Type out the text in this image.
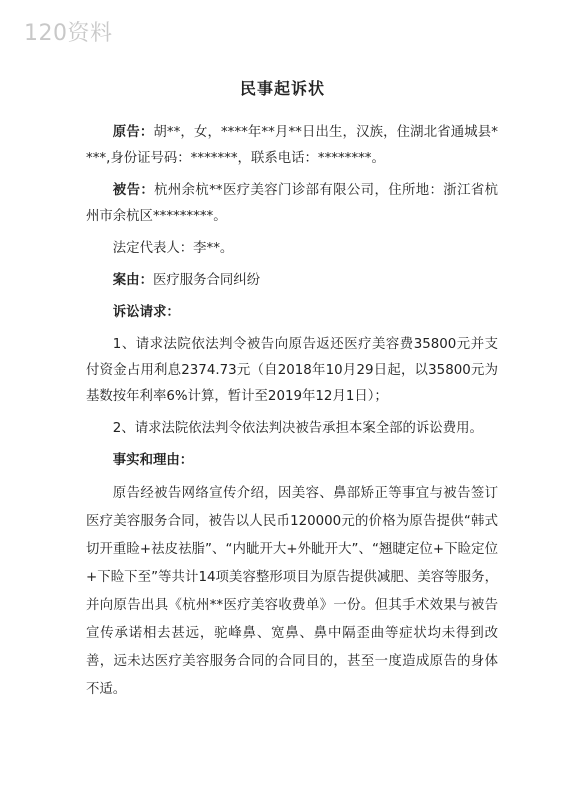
120资料
民事起诉状

原告：胡**，女，****年**月**日出生，汉族，住湖北省通城县****,身份证号码：*******，联系电话：********。

被告：杭州余杭**医疗美容门诊部有限公司，住所地：浙江省杭州市余杭区*********。

法定代表人：李**。

案由：医疗服务合同纠纷

诉讼请求：

1、请求法院依法判令被告向原告返还医疗美容费35800元并支付资金占用利息2374.73元（自2018年10月29日起，以35800元为基数按年利率6%计算，暂计至2019年12月1日）；

2、请求法院依法判令依法判决被告承担本案全部的诉讼费用。

事实和理由：

原告经被告网络宣传介绍，因美容、鼻部矫正等事宜与被告签订医疗美容服务合同，被告以人民币120000元的价格为原告提供“韩式切开重睑+祛皮祛脂”、“内眦开大+外眦开大”、“翘睫定位+下睑定位+下睑下至”等共计14项美容整形项目为原告提供减肥、美容等服务，并向原告出具《杭州**医疗美容收费单》一份。但其手术效果与被告宣传承诺相去甚远，驼峰鼻、宽鼻、鼻中隔歪曲等症状均未得到改善，远未达医疗美容服务合同的合同目的，甚至一度造成原告的身体不适。
